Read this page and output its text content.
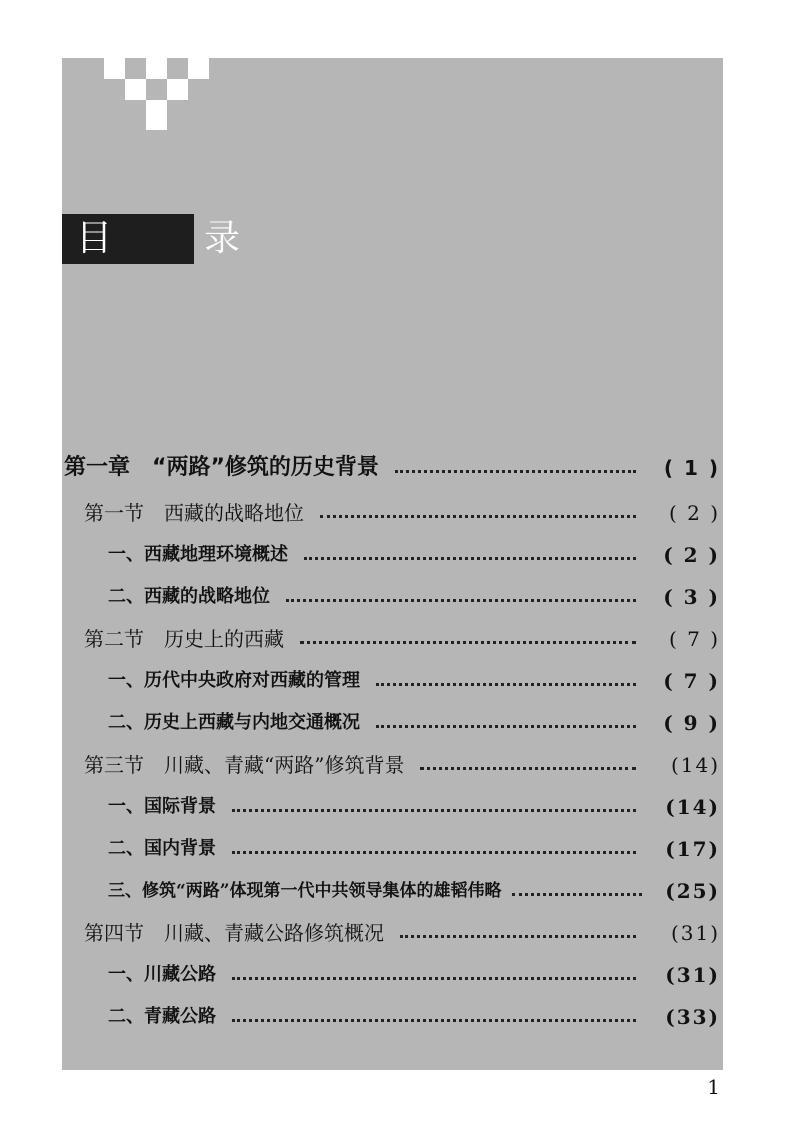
目　录
第一章　“两路”修筑的历史背景	( 1 )
第一节　西藏的战略地位	( 2 )
一、西藏地理环境概述	( 2 )
二、西藏的战略地位	( 3 )
第二节　历史上的西藏	( 7 )
一、历代中央政府对西藏的管理	( 7 )
二、历史上西藏与内地交通概况	( 9 )
第三节　川藏、青藏“两路”修筑背景	(14)
一、国际背景	(14)
二、国内背景	(17)
三、修筑“两路”体现第一代中共领导集体的雄韬伟略	(25)
第四节　川藏、青藏公路修筑概况	(31)
一、川藏公路	(31)
二、青藏公路	(33)
1
